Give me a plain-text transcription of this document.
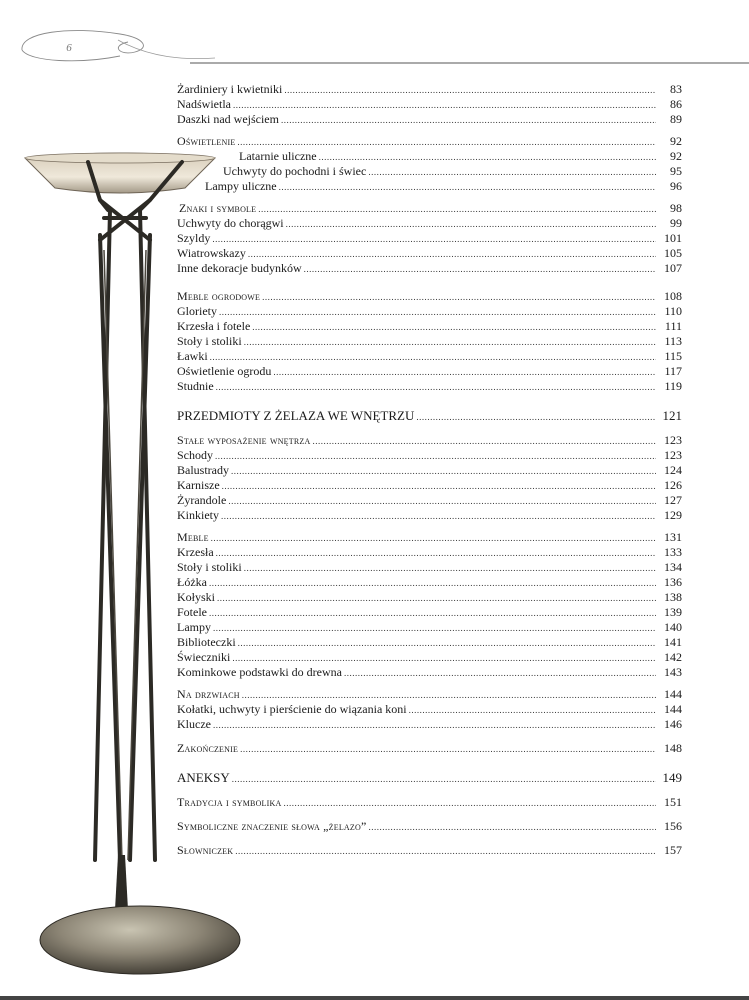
6
Żardiniery i kwietniki .....	83
Nadświetla .....	86
Daszki nad wejściem .....	89
Oświetlenie .....	92
Latarnie uliczne .....	92
Uchwyty do pochodni i świec .....	95
Lampy uliczne .....	96
Znaki i symbole .....	98
Uchwyty do chorągwi .....	99
Szyldy .....	101
Wiatrowskazy .....	105
Inne dekoracje budynków .....	107
Meble ogrodowe .....	108
Gloriety .....	110
Krzesła i fotele .....	111
Stoły i stoliki .....	113
Ławki .....	115
Oświetlenie ogrodu .....	117
Studnie .....	119
PRZEDMIOTY Z ŻELAZA WE WNĘTRZU .....	121
Stałe wyposażenie wnętrza .....	123
Schody .....	123
Balustrady .....	124
Karnisze .....	126
Żyrandole .....	127
Kinkiety .....	129
Meble .....	131
Krzesła .....	133
Stoły i stoliki .....	134
Łóżka .....	136
Kołyski .....	138
Fotele .....	139
Lampy .....	140
Biblioteczki .....	141
Świeczniki .....	142
Kominkowe podstawki do drewna .....	143
Na drzwiach .....	144
Kołatki, uchwyty i pierścienie do wiązania koni .....	144
Klucze .....	146
Zakończenie .....	148
ANEKSY .....	149
Tradycja i symbolika .....	151
Symboliczne znaczenie słowa „żelazo” .....	156
Słowniczek .....	157
